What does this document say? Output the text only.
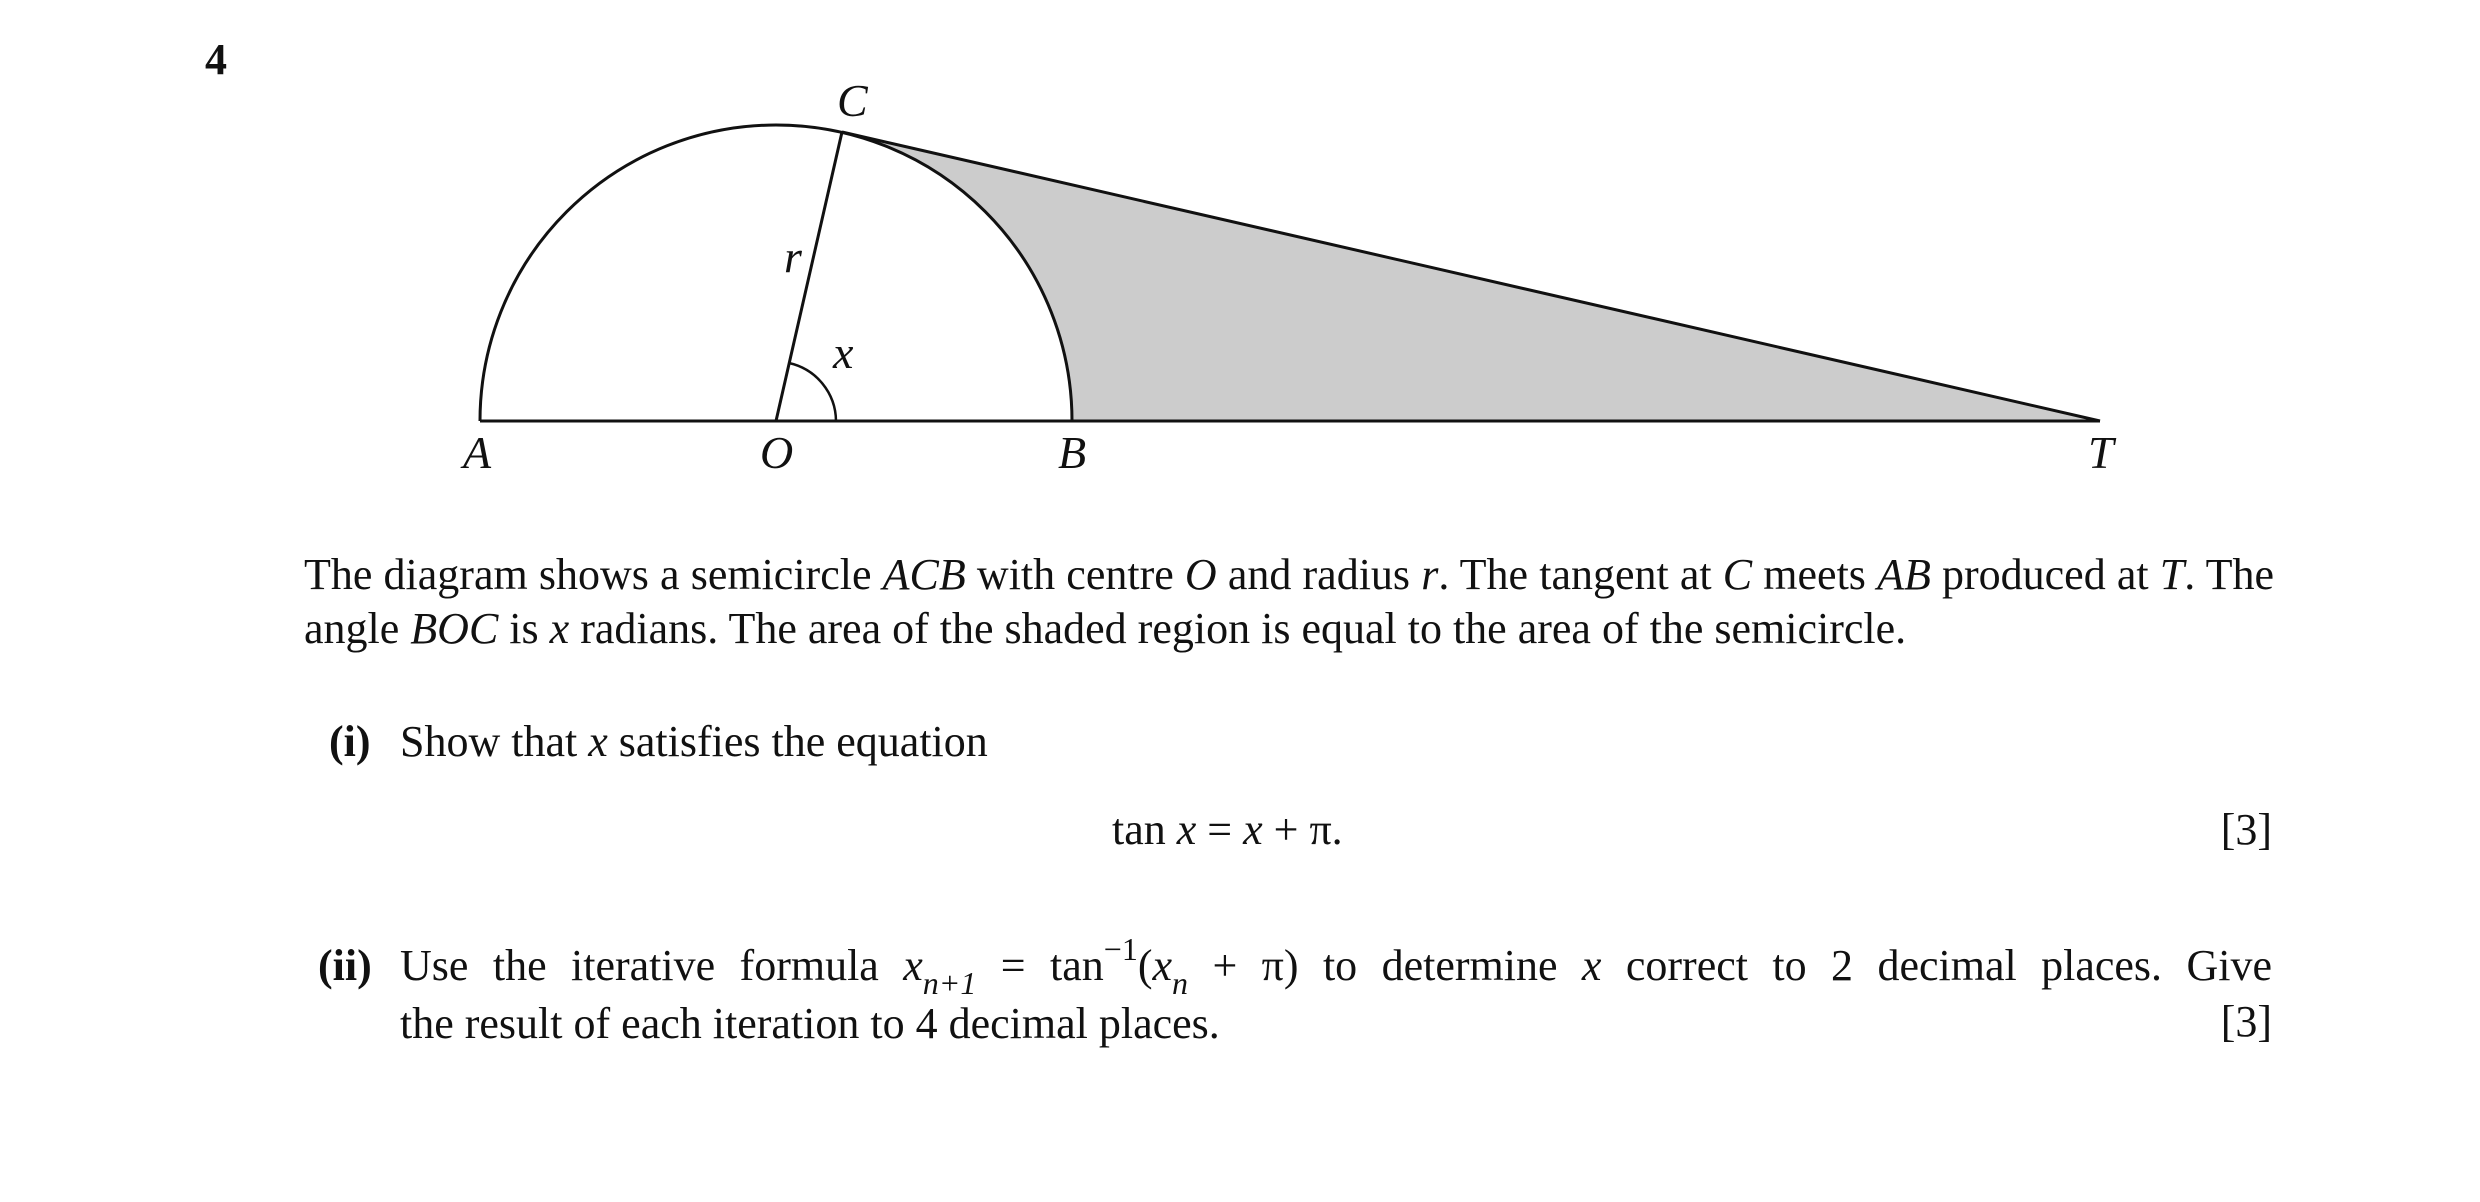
4
C
r
x
A	O	B	T
The diagram shows a semicircle ACB with centre O and radius r. The tangent at C meets AB produced at T. The angle BOC is x radians. The area of the shaded region is equal to the area of the semicircle.
(i) Show that x satisfies the equation
tan x = x + π.	[3]
(ii) Use the iterative formula $x_{n+1} = \tan^{-1}(x_n + \pi)$ to determine x correct to 2 decimal places. Give
the result of each iteration to 4 decimal places.	[3]
